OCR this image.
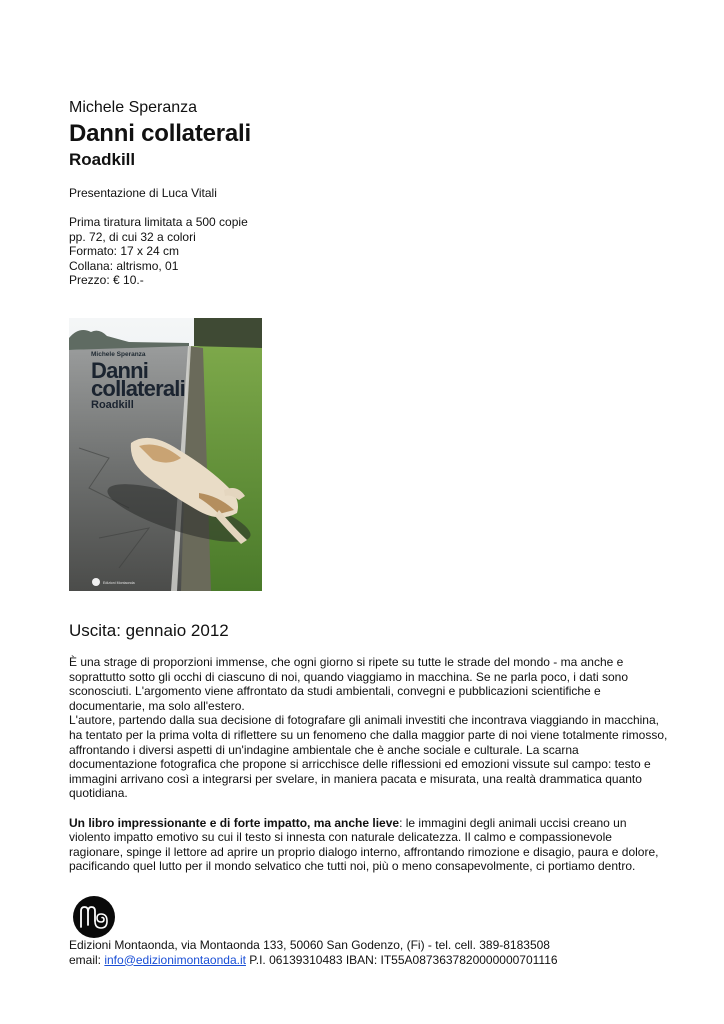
Michele Speranza
Danni collaterali
Roadkill
Presentazione di Luca Vitali
Prima tiratura limitata a 500 copie
pp. 72, di cui 32 a colori
Formato: 17 x 24 cm
Collana: altrismo, 01
Prezzo: € 10.-
Michele Speranza
Danni
collaterali
Roadkill
Edizioni Montaonda
Uscita: gennaio 2012

È una strage di proporzioni immense, che ogni giorno si ripete su tutte le strade del mondo - ma anche e soprattutto sotto gli occhi di ciascuno di noi, quando viaggiamo in macchina. Se ne parla poco, i dati sono sconosciuti. L'argomento viene affrontato da studi ambientali, convegni e pubblicazioni scientifiche e documentarie, ma solo all'estero.

L'autore, partendo dalla sua decisione di fotografare gli animali investiti che incontrava viaggiando in macchina, ha tentato per la prima volta di riflettere su un fenomeno che dalla maggior parte di noi viene totalmente rimosso, affrontando i diversi aspetti di un'indagine ambientale che è anche sociale e culturale. La scarna documentazione fotografica che propone si arricchisce delle riflessioni ed emozioni vissute sul campo: testo e immagini arrivano così a integrarsi per svelare, in maniera pacata e misurata, una realtà drammatica quanto quotidiana.

Un libro impressionante e di forte impatto, ma anche lieve: le immagini degli animali uccisi creano un violento impatto emotivo su cui il testo si innesta con naturale delicatezza. Il calmo e compassionevole ragionare, spinge il lettore ad aprire un proprio dialogo interno, affrontando rimozione e disagio, paura e dolore, pacificando quel lutto per il mondo selvatico che tutti noi, più o meno consapevolmente, ci portiamo dentro.

Edizioni Montaonda, via Montaonda 133, 50060 San Godenzo, (Fi) - tel. cell. 389-8183508
email: info@edizionimontaonda.it P.I. 06139310483 IBAN: IT55A0873637820000000701116
